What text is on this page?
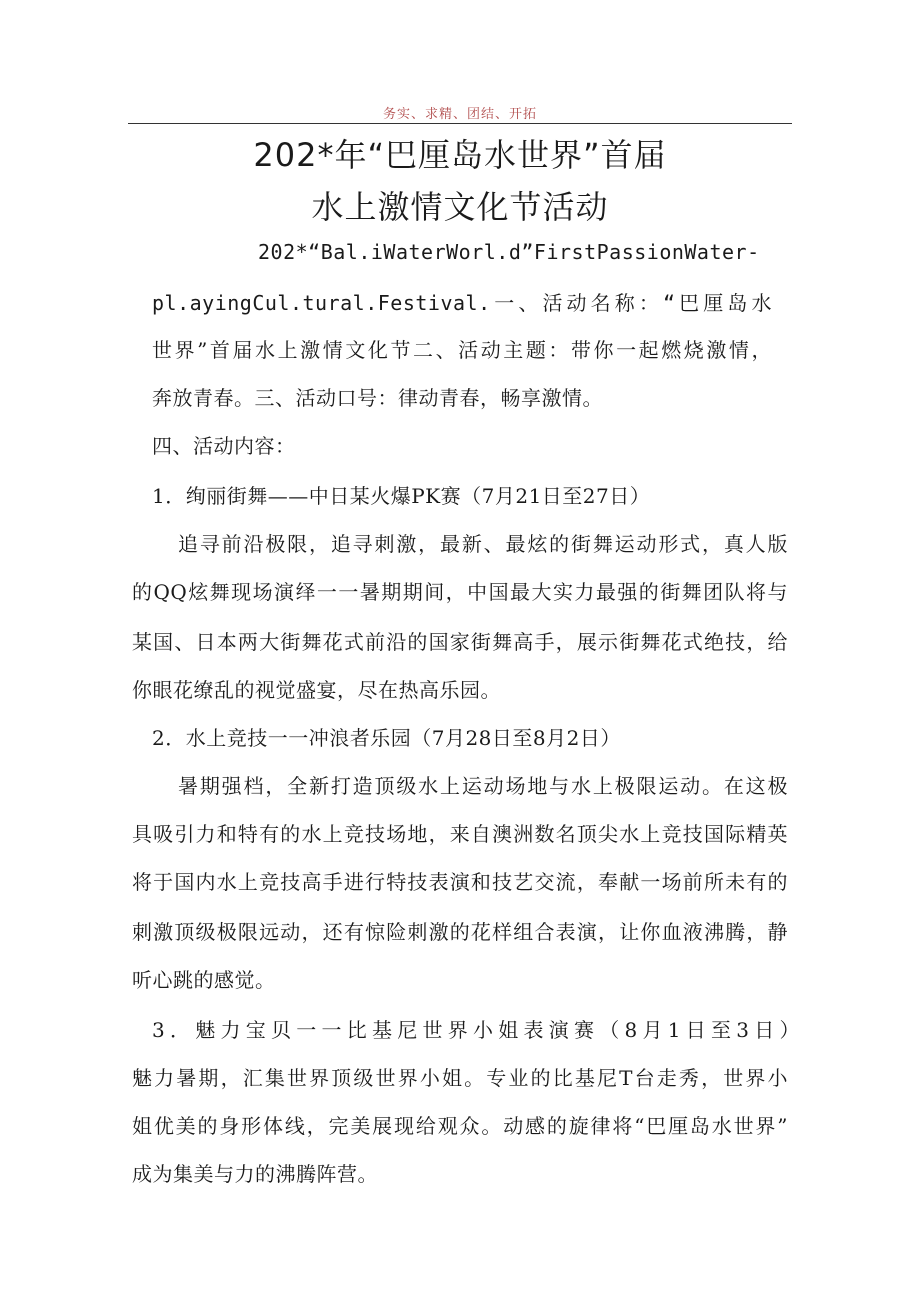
务实、求精、团结、开拓
202*年“巴厘岛水世界”首届
水上激情文化节活动
202*“Bal.iWaterWorl.d”FirstPassionWater-
pl.ayingCul.tural.Festival.一、活动名称：“巴厘岛水
世界”首届水上激情文化节二、活动主题：带你一起燃烧激情，
奔放青春。三、活动口号：律动青春，畅享激情。
四、活动内容：
1．绚丽街舞——中日某火爆PK赛（7月21日至27日）
追寻前沿极限，追寻刺激，最新、最炫的街舞运动形式，真人版
的QQ炫舞现场演绎一一暑期期间，中国最大实力最强的街舞团队将与
某国、日本两大街舞花式前沿的国家街舞高手，展示街舞花式绝技，给
你眼花缭乱的视觉盛宴，尽在热高乐园。
2．水上竞技一一冲浪者乐园（7月28日至8月2日）
暑期强档，全新打造顶级水上运动场地与水上极限运动。在这极
具吸引力和特有的水上竞技场地，来自澳洲数名顶尖水上竞技国际精英
将于国内水上竞技高手进行特技表演和技艺交流，奉献一场前所未有的
刺激顶级极限远动，还有惊险刺激的花样组合表演，让你血液沸腾，静
听心跳的感觉。
3．魅力宝贝一一比基尼世界小姐表演赛（8月1日至3日）
魅力暑期，汇集世界顶级世界小姐。专业的比基尼T台走秀，世界小
姐优美的身形体线，完美展现给观众。动感的旋律将“巴厘岛水世界”
成为集美与力的沸腾阵营。
